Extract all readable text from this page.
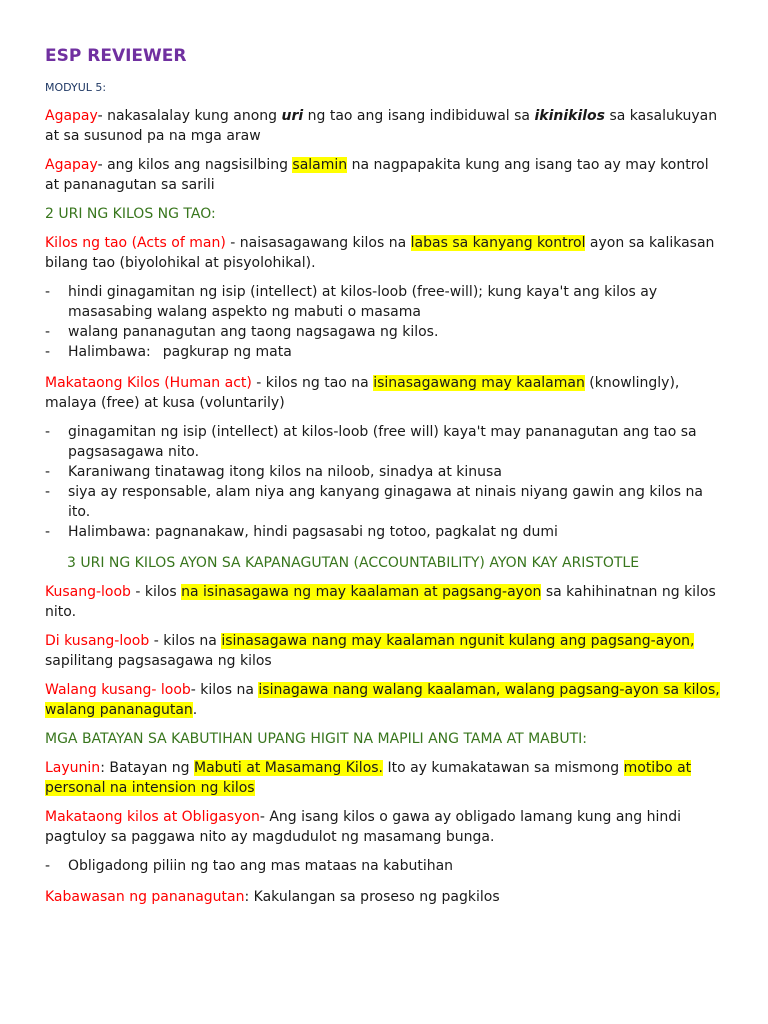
ESP REVIEWER
MODYUL 5:

Agapay- nakasalalay kung anong uri ng tao ang isang indibiduwal sa ikinikilos sa kasalukuyan at sa susunod pa na mga araw

Agapay- ang kilos ang nagsisilbing salamin na nagpapakita kung ang isang tao ay may kontrol at pananagutan sa sarili

2 URI NG KILOS NG TAO:

Kilos ng tao (Acts of man) - naisasagawang kilos na labas sa kanyang kontrol ayon sa kalikasan bilang tao (biyolohikal at pisyolohikal).

- hindi ginagamitan ng isip (intellect) at kilos-loob (free-will); kung kaya't ang kilos ay masasabing walang aspekto ng mabuti o masama
- walang pananagutan ang taong nagsagawa ng kilos.
- Halimbawa: pagkurap ng mata

Makataong Kilos (Human act) - kilos ng tao na isinasagawang may kaalaman (knowlingly), malaya (free) at kusa (voluntarily)

- ginagamitan ng isip (intellect) at kilos-loob (free will) kaya't may pananagutan ang tao sa pagsasagawa nito.
- Karaniwang tinatawag itong kilos na niloob, sinadya at kinusa
- siya ay responsable, alam niya ang kanyang ginagawa at ninais niyang gawin ang kilos na ito.
- Halimbawa: pagnanakaw, hindi pagsasabi ng totoo, pagkalat ng dumi
3 URI NG KILOS AYON SA KAPANAGUTAN (ACCOUNTABILITY) AYON KAY ARISTOTLE

Kusang-loob - kilos na isinasagawa ng may kaalaman at pagsang-ayon sa kahihinatnan ng kilos nito.

Di kusang-loob - kilos na isinasagawa nang may kaalaman ngunit kulang ang pagsang-ayon, sapilitang pagsasagawa ng kilos

Walang kusang- loob- kilos na isinagawa nang walang kaalaman, walang pagsang-ayon sa kilos, walang pananagutan.

MGA BATAYAN SA KABUTIHAN UPANG HIGIT NA MAPILI ANG TAMA AT MABUTI:

Layunin: Batayan ng Mabuti at Masamang Kilos. Ito ay kumakatawan sa mismong motibo at personal na intension ng kilos

Makataong kilos at Obligasyon- Ang isang kilos o gawa ay obligado lamang kung ang hindi pagtuloy sa paggawa nito ay magdudulot ng masamang bunga.

- Obligadong piliin ng tao ang mas mataas na kabutihan

Kabawasan ng pananagutan: Kakulangan sa proseso ng pagkilos
